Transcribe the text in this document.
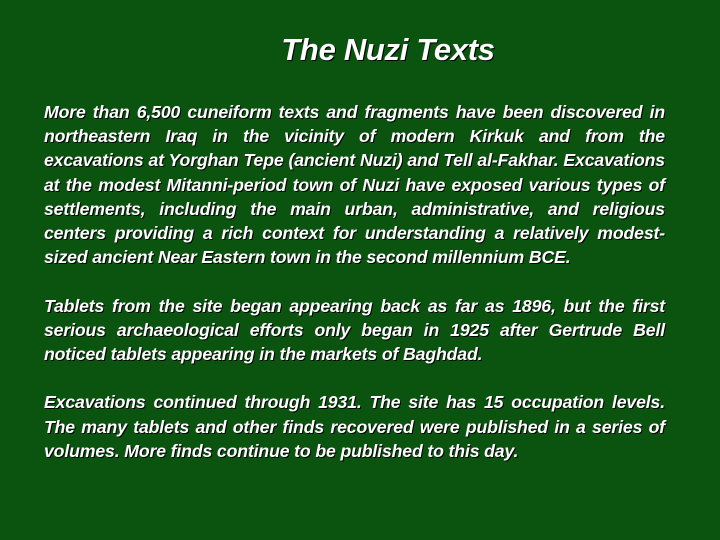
The Nuzi Texts

More than 6,500 cuneiform texts and fragments have been discovered in northeastern Iraq in the vicinity of modern Kirkuk and from the excavations at Yorghan Tepe (ancient Nuzi) and Tell al-Fakhar. Excavations at the modest Mitanni-period town of Nuzi have exposed various types of settlements, including the main urban, administrative, and religious centers providing a rich context for understanding a relatively modest-sized ancient Near Eastern town in the second millennium BCE.

Tablets from the site began appearing back as far as 1896, but the first serious archaeological efforts only began in 1925 after Gertrude Bell noticed tablets appearing in the markets of Baghdad.

Excavations continued through 1931. The site has 15 occupation levels. The many tablets and other finds recovered were published in a series of volumes. More finds continue to be published to this day.
